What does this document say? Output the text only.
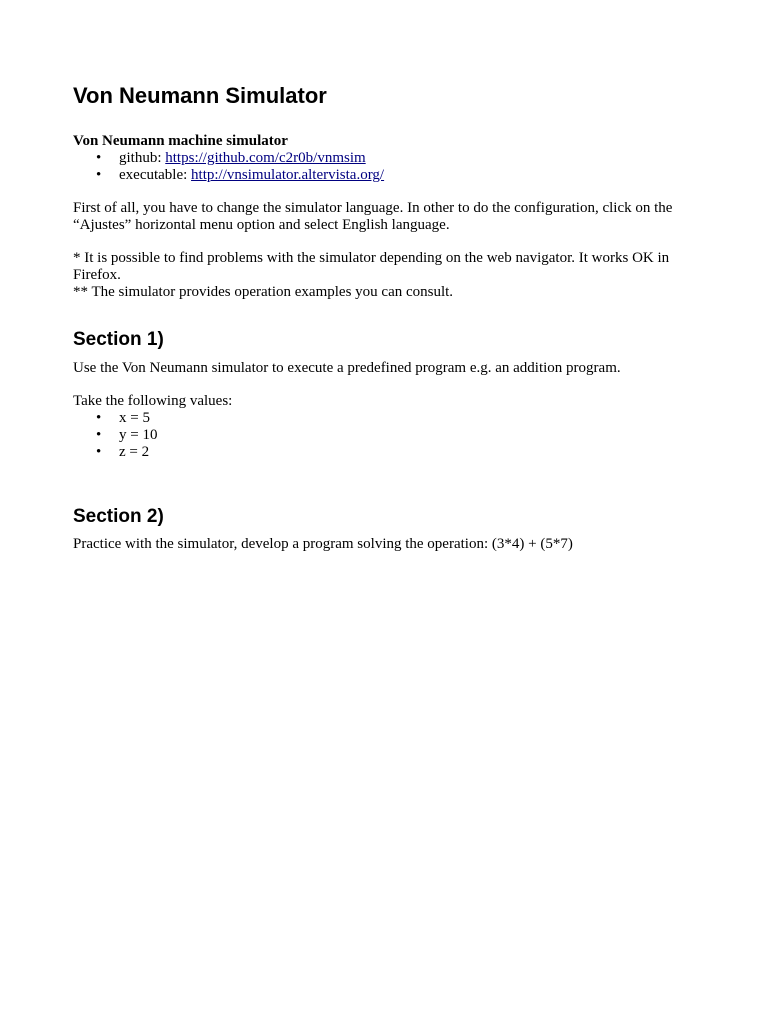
Von Neumann Simulator
Von Neumann machine simulator
• github: https://github.com/c2r0b/vnmsim
• executable: http://vnsimulator.altervista.org/

First of all, you have to change the simulator language. In other to do the configuration, click on the “Ajustes” horizontal menu option and select English language.

* It is possible to find problems with the simulator depending on the web navigator. It works OK in Firefox.
** The simulator provides operation examples you can consult.
Section 1)

Use the Von Neumann simulator to execute a predefined program e.g. an addition program.

Take the following values:
• x = 5
• y = 10
• z = 2
Section 2)

Practice with the simulator, develop a program solving the operation: (3*4) + (5*7)
